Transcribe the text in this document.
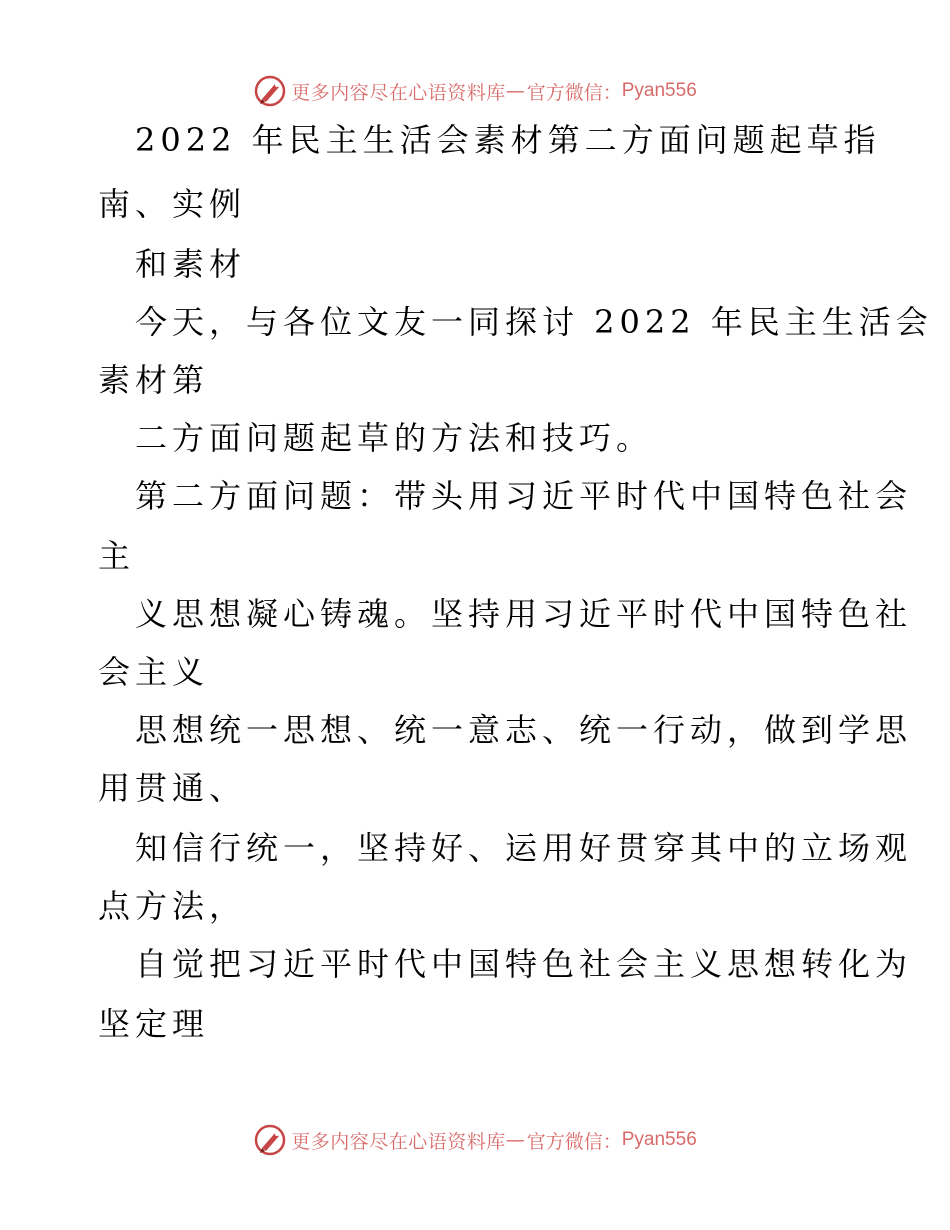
更多内容尽在心语资料库 — 官方微信： Pyan556
2022 年民主生活会素材第二方面问题起草指
南、实例
和素材
今天，与各位文友一同探讨 2022 年民主生活会
素材第
二方面问题起草的方法和技巧。
第二方面问题：带头用习近平时代中国特色社会
主
义思想凝心铸魂。坚持用习近平时代中国特色社
会主义
思想统一思想、统一意志、统一行动，做到学思
用贯通、
知信行统一，坚持好、运用好贯穿其中的立场观
点方法，
自觉把习近平时代中国特色社会主义思想转化为
坚定理
更多内容尽在心语资料库 — 官方微信： Pyan556
